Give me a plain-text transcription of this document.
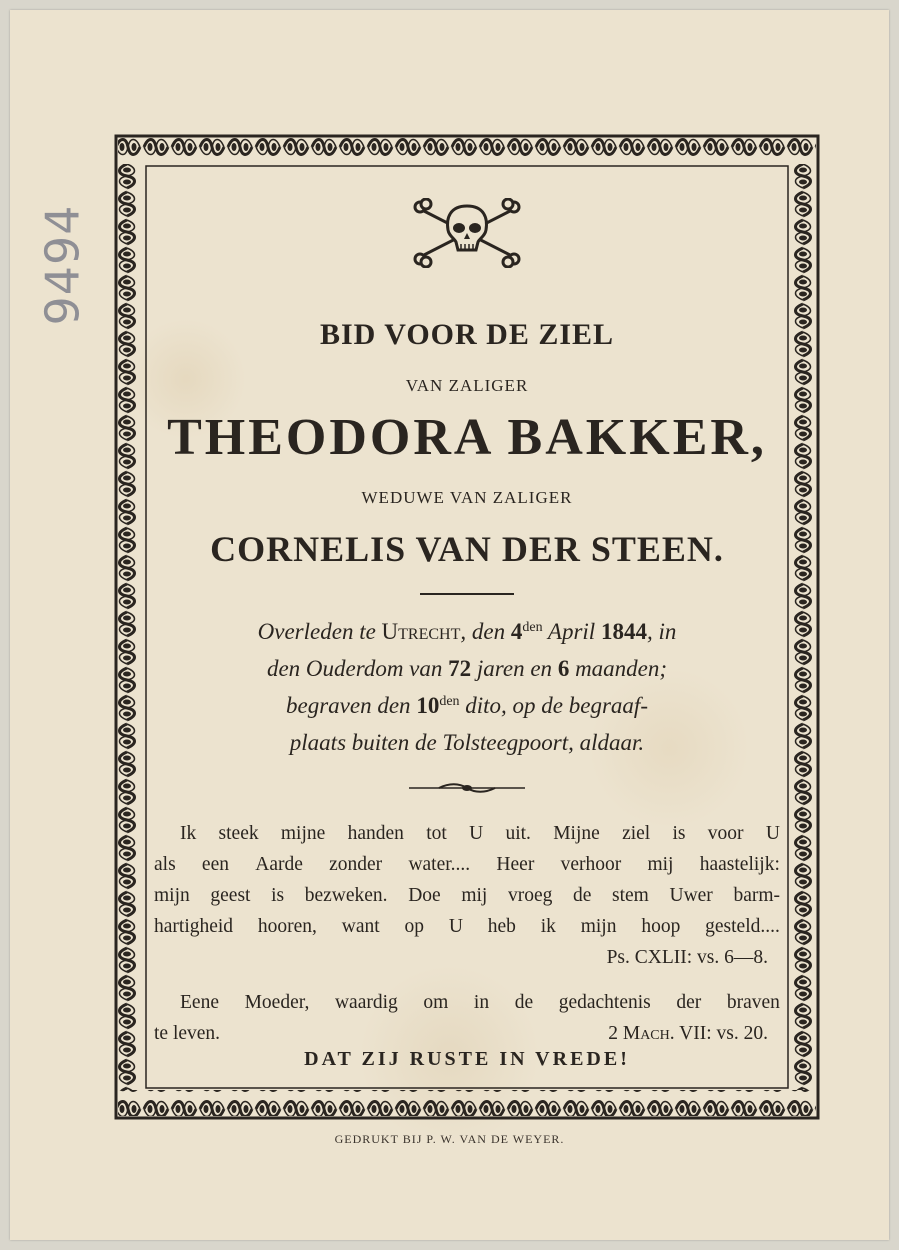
9494
BID VOOR DE ZIEL
VAN ZALIGER
THEODORA BAKKER,
WEDUWE VAN ZALIGER
CORNELIS VAN DER STEEN.
Overleden te Utrecht, den $4^{den}$ April 1844, in
den Ouderdom van 72 jaren en 6 maanden;
begraven den $10^{den}$ dito, op de begraaf-
plaats buiten de Tolsteegpoort, aldaar.
Ik steek mijne handen tot U uit. Mijne ziel is voor U
als een Aarde zonder water.... Heer verhoor mij haastelijk:
mijn geest is bezweken. Doe mij vroeg de stem Uwer barm-
hartigheid hooren, want op U heb ik mijn hoop gesteld....
Ps. CXLII: vs. 6—8.
Eene Moeder, waardig om in de gedachtenis der braven
te leven.	2 Mach. VII: vs. 20.
DAT ZIJ RUSTE IN VREDE!
GEDRUKT BIJ P. W. VAN DE WEYER.
